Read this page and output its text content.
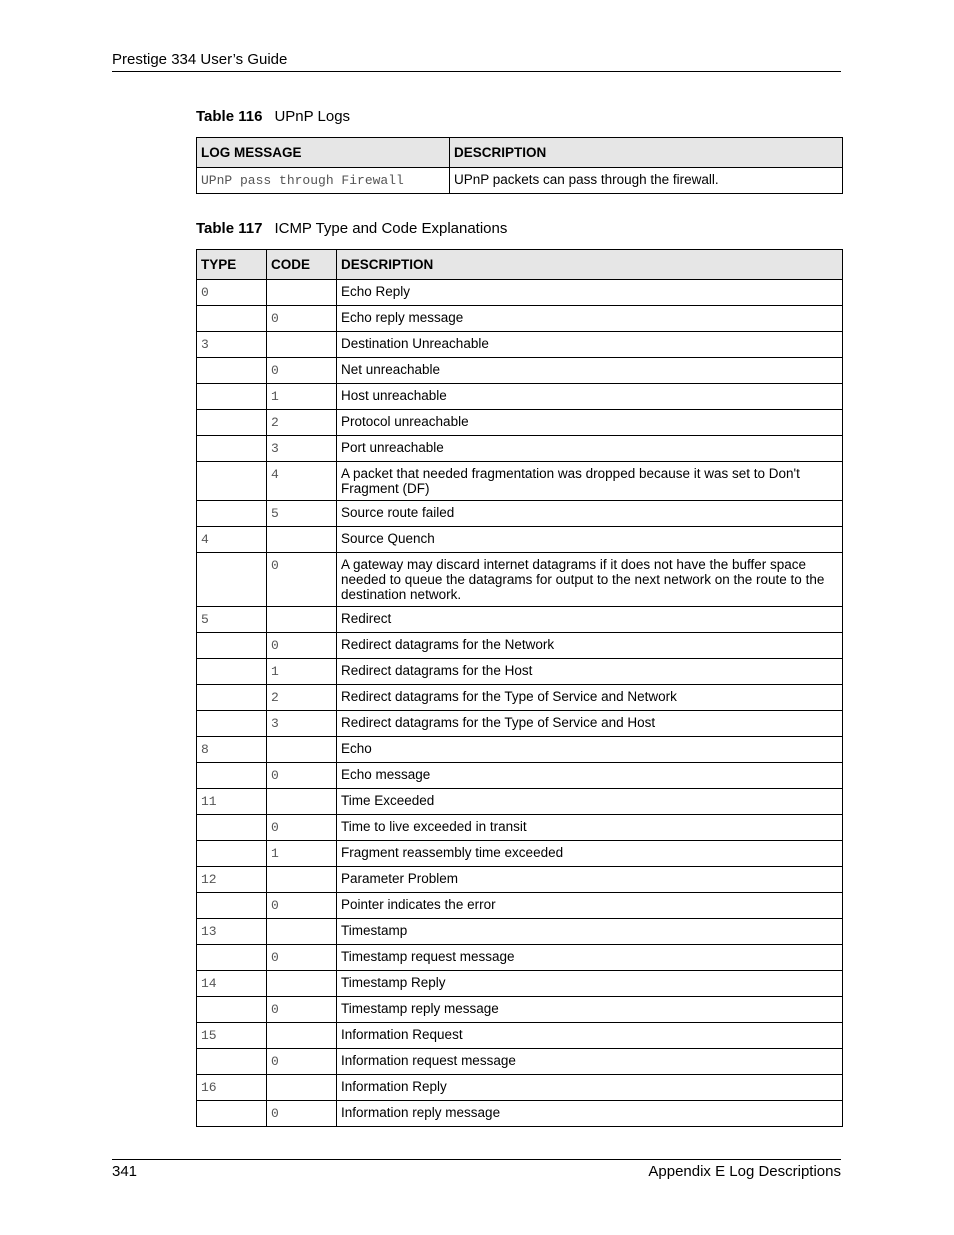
Prestige 334 User’s Guide
Table 116 UPnP Logs
LOG MESSAGE	DESCRIPTION
UPnP pass through Firewall	UPnP packets can pass through the firewall.
Table 117 ICMP Type and Code Explanations
TYPE	CODE	DESCRIPTION
0		Echo Reply
	0	Echo reply message
3		Destination Unreachable
	0	Net unreachable
	1	Host unreachable
	2	Protocol unreachable
	3	Port unreachable
	4	A packet that needed fragmentation was dropped because it was set to Don't Fragment (DF)
	5	Source route failed
4		Source Quench
	0	A gateway may discard internet datagrams if it does not have the buffer space needed to queue the datagrams for output to the next network on the route to the destination network.
5		Redirect
	0	Redirect datagrams for the Network
	1	Redirect datagrams for the Host
	2	Redirect datagrams for the Type of Service and Network
	3	Redirect datagrams for the Type of Service and Host
8		Echo
	0	Echo message
11		Time Exceeded
	0	Time to live exceeded in transit
	1	Fragment reassembly time exceeded
12		Parameter Problem
	0	Pointer indicates the error
13		Timestamp
	0	Timestamp request message
14		Timestamp Reply
	0	Timestamp reply message
15		Information Request
	0	Information request message
16		Information Reply
	0	Information reply message
341	Appendix E Log Descriptions
